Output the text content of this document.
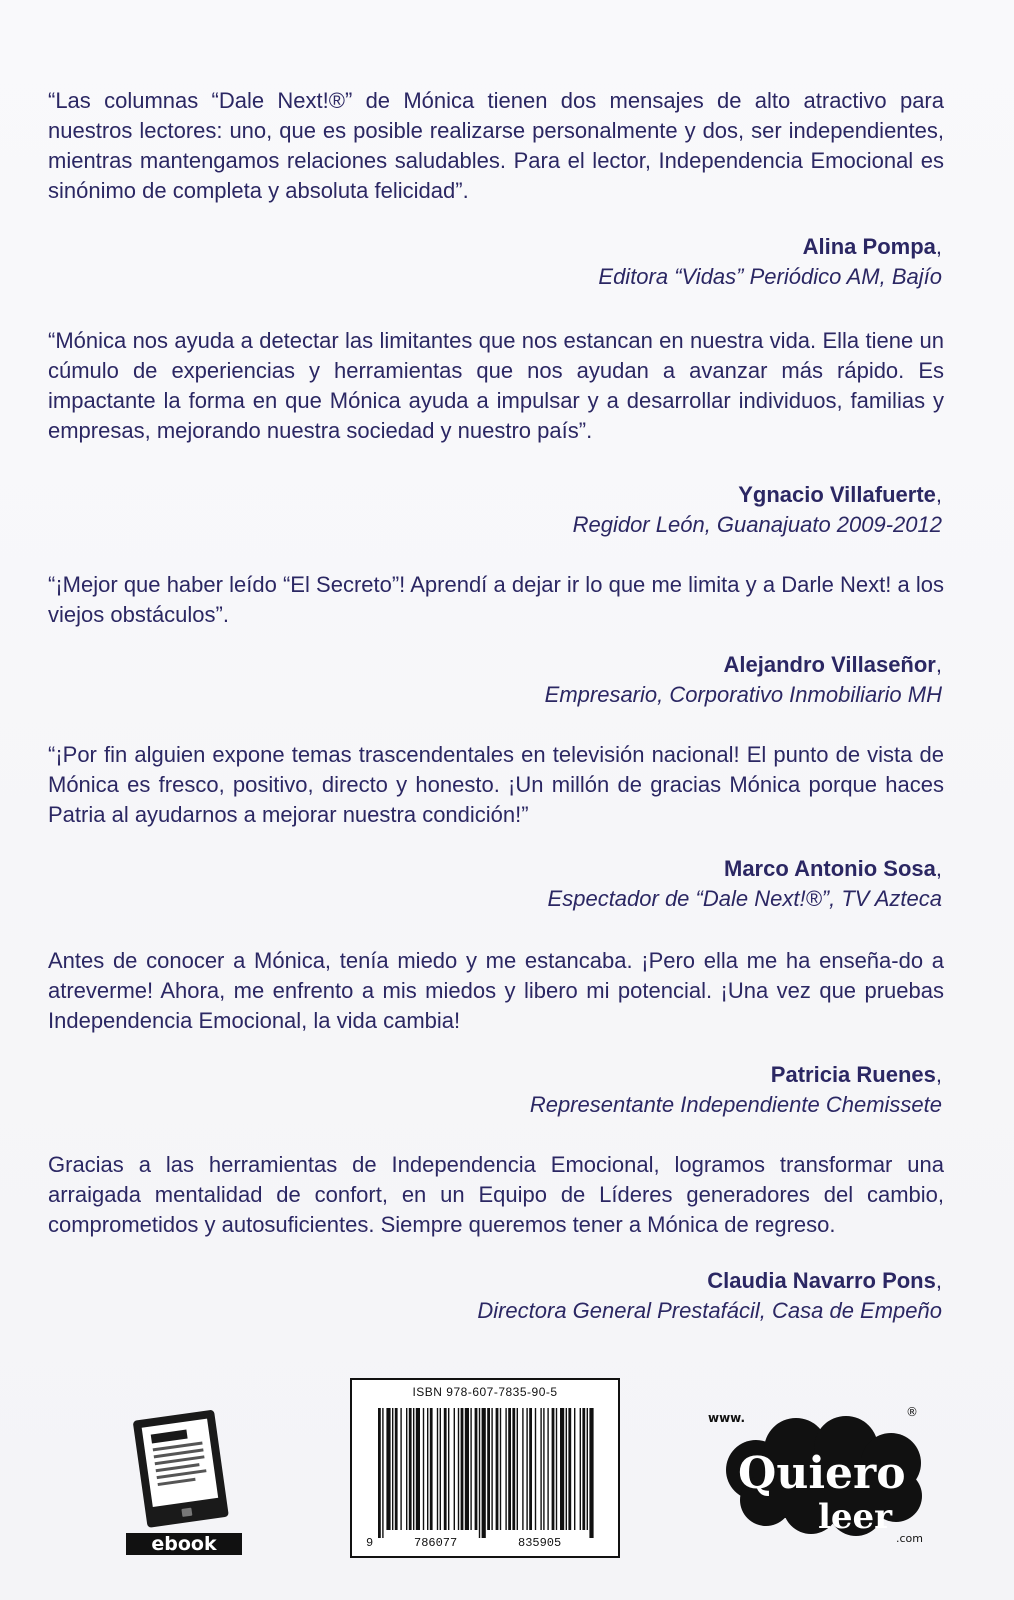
“Las columnas “Dale Next!®” de Mónica tienen dos mensajes de alto atractivo para nuestros lectores: uno, que es posible realizarse personalmente y dos, ser independientes, mientras mantengamos relaciones saludables. Para el lector, Independencia Emocional es sinónimo de completa y absoluta felicidad”.
Alina Pompa,
Editora “Vidas” Periódico AM, Bajío
“Mónica nos ayuda a detectar las limitantes que nos estancan en nuestra vida. Ella tiene un cúmulo de experiencias y herramientas que nos ayudan a avanzar más rápido. Es impactante la forma en que Mónica ayuda a impulsar y a desarrollar individuos, familias y empresas, mejorando nuestra sociedad y nuestro país”.
Ygnacio Villafuerte,
Regidor León, Guanajuato 2009-2012
“¡Mejor que haber leído “El Secreto”! Aprendí a dejar ir lo que me limita y a Darle Next! a los viejos obstáculos”.
Alejandro Villaseñor,
Empresario, Corporativo Inmobiliario MH
“¡Por fin alguien expone temas trascendentales en televisión nacional! El punto de vista de Mónica es fresco, positivo, directo y honesto. ¡Un millón de gracias Mónica porque haces Patria al ayudarnos a mejorar nuestra condición!”
Marco Antonio Sosa,
Espectador de “Dale Next!®”, TV Azteca
Antes de conocer a Mónica, tenía miedo y me estancaba. ¡Pero ella me ha enseña-do a atreverme! Ahora, me enfrento a mis miedos y libero mi potencial. ¡Una vez que pruebas Independencia Emocional, la vida cambia!
Patricia Ruenes,
Representante Independiente Chemissete
Gracias a las herramientas de Independencia Emocional, logramos transformar una arraigada mentalidad de confort, en un Equipo de Líderes generadores del cambio, comprometidos y autosuficientes. Siempre queremos tener a Mónica de regreso.
Claudia Navarro Pons,
Directora General Prestafácil, Casa de Empeño
ebook
ISBN 978-607-7835-90-5
9	786077	835905
www.
Quiero
leer
.com
®
